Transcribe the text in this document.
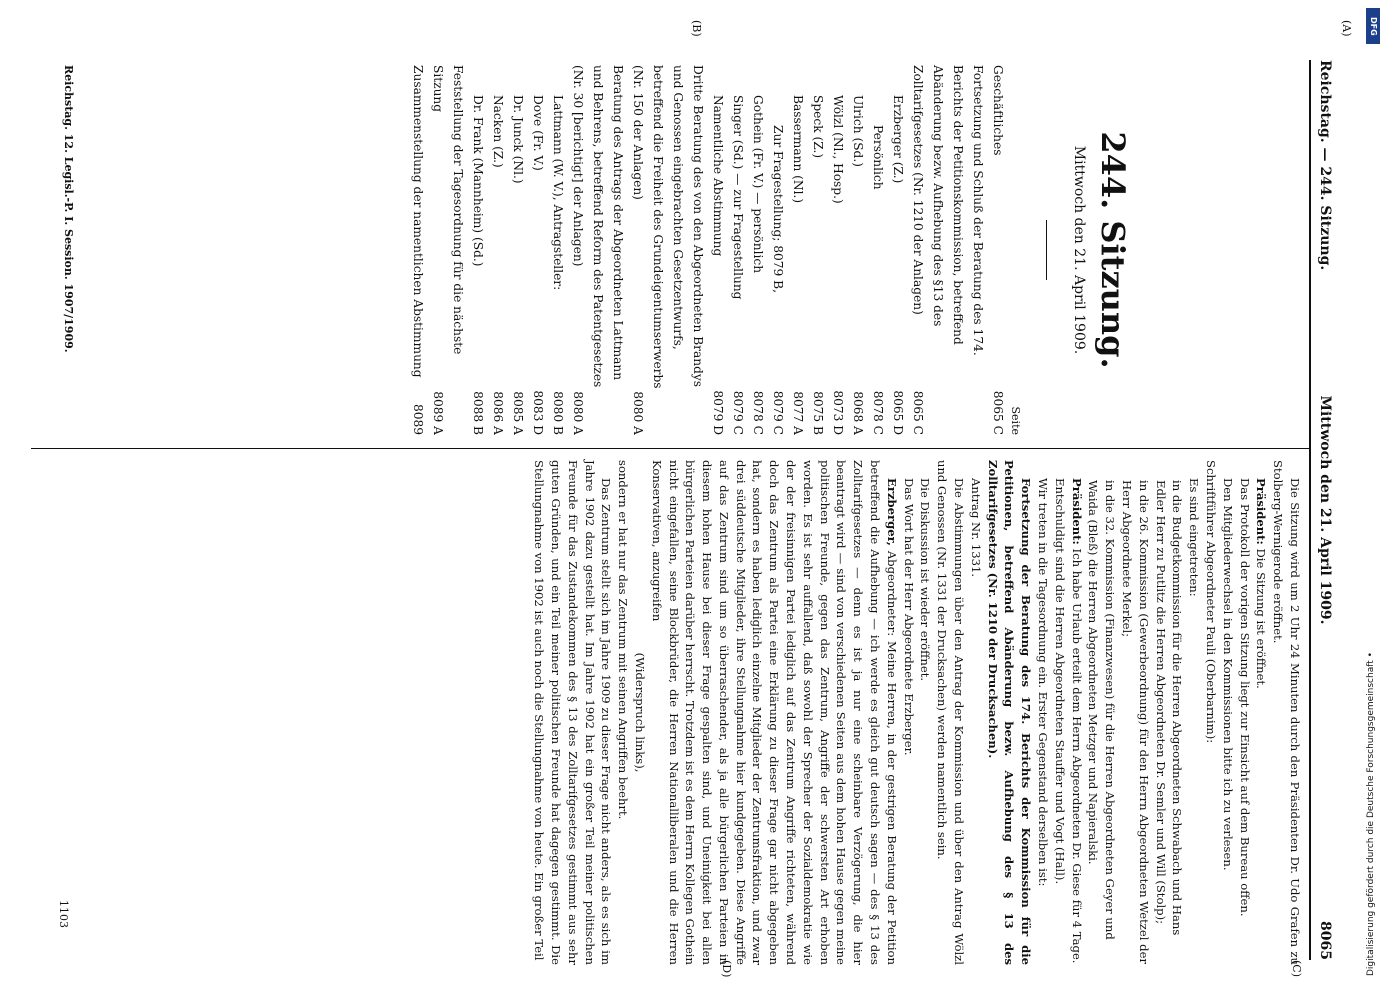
Reichstag. — 244. Sitzung.
Mittwoch den 21. April 1909.
8065
(A)
(B)
(C)
(D)
244. Sitzung.
Mittwoch den 21. April 1909.
Seite
Geschäftliches
8065 C
Fortsetzung und Schluß der Beratung des 174. Berichts der Petitionskommission, betreffend Abänderung bezw. Aufhebung des §13 des Zolltarifgesetzes (Nr. 1210 der Anlagen)
8065 C
Erzberger (Z.)
8065 D
Persönlich
8078 C
Ulrich (Sd.)
8068 A
Wölzl (Nl., Hosp.)
8073 D
Speck (Z.)
8075 B
Bassermann (Nl.)
8077 A
Zur Fragestellung; 8079 B,
8079 C
Gothein (Fr. V.) — persönlich
8078 C
Singer (Sd.) — zur Fragestellung
8079 C
Namentliche Abstimmung
8079 D
Dritte Beratung des von den Abgeordneten Brandys und Genossen eingebrachten Gesetzentwurfs, betreffend die Freiheit des Grundeigentumserwerbs (Nr. 150 der Anlagen)
8080 A
Beratung des Antrags der Abgeordneten Lattmann und Behrens, betreffend Reform des Patentgesetzes (Nr. 30 [berichtigt] der Anlagen)
8080 A
Lattmann (W. V.), Antragsteller:
8080 B
Dove (Fr. V.)
8083 D
Dr. Junck (Nl.)
8085 A
Nacken (Z.)
8086 A
Dr. Frank (Mannheim) (Sd.)
8088 B
Feststellung der Tagesordnung für die nächste Sitzung
8089 A
Zusammenstellung der namentlichen Abstimmung
8089

Die Sitzung wird um 2 Uhr 24 Minuten durch den Präsidenten Dr. Udo Grafen zu Stolberg-Wernigerode eröffnet.

Präsident: Die Sitzung ist eröffnet.

Das Protokoll der vorigen Sitzung liegt zur Einsicht auf dem Bureau offen.

Den Mitgliederwechsel in den Kommissionen bitte ich zu verlesen.

Schriftführer Abgeordneter Pauli (Oberbarnim):

Es sind eingetreten:

in die Budgetkommission für die Herren Abgeordneten Schwabach und Hans Edler Herr zu Putlitz die Herren Abgeordneten Dr. Semler und Will (Stolp);

in die 26. Kommission (Gewerbeordnung) für den Herrn Abgeordneten Wetzel der Herr Abgeordnete Merkel;

in die 32. Kommission (Finanzwesen) für die Herren Abgeordneten Geyer und Waida (Bleß) die Herren Abgeordneten Metzger und Napieralski.

Präsident: Ich habe Urlaub erteilt dem Herrn Abgeordneten Dr. Giese für 4 Tage.

Entschuldigt sind die Herren Abgeordneten Stauffer und Vogt (Hall).

Wir treten in die Tagesordnung ein. Erster Gegenstand derselben ist:

Fortsetzung der Beratung des 174. Berichts der Kommission für die Petitionen, betreffend Abänderung bezw. Aufhebung des § 13 des Zolltarifgesetzes (Nr. 1210 der Drucksachen).

Antrag Nr. 1331.

Die Abstimmungen über den Antrag der Kommission und über den Antrag Wölzl und Genossen (Nr. 1331 der Drucksachen) werden namentlich sein.

Die Diskussion ist wieder eröffnet.

Das Wort hat der Herr Abgeordnete Erzberger.

Erzberger, Abgeordneter: Meine Herren, in der gestrigen Beratung der Petition betreffend die Aufhebung — ich werde es gleich gut deutsch sagen — des § 13 des Zolltarifgesetzes — denn es ist ja nur eine scheinbare Verzögerung, die hier beantragt wird — sind von verschiedenen Seiten aus dem hohen Hause gegen meine politischen Freunde, gegen das Zentrum, Angriffe der schwersten Art erhoben worden. Es ist sehr auffallend, daß sowohl der Sprecher der Sozialdemokratie wie der der freisinnigen Partei lediglich auf das Zentrum Angriffe richteten, während doch das Zentrum als Partei eine Erklärung zu dieser Frage gar nicht abgegeben hat, sondern es haben lediglich einzelne Mitglieder der Zentrumsfraktion, und zwar drei süddeutsche Mitglieder, ihre Stellungnahme hier kundgegeben. Diese Angriffe auf das Zentrum sind um so überraschender, als ja alle bürgerlichen Parteien in diesem hohen Hause bei dieser Frage gespalten sind, und Uneinigkeit bei allen bürgerlichen Parteien darüber herrscht. Trotzdem ist es dem Herrn Kollegen Gothein nicht eingefallen, seine Blockbrüder, die Herren Nationalliberalen und die Herren Konservativen, anzugreifen

(Widerspruch links),

sondern er hat nur das Zentrum mit seinen Angriffen beehrt.

Das Zentrum stellt sich im Jahre 1909 zu dieser Frage nicht anders, als es sich im Jahre 1902 dazu gestellt hat. Im Jahre 1902 hat ein großer Teil meiner politischen Freunde für das Zustandekommen des § 13 des Zolltarifgesetzes gestimmt aus sehr guten Gründen, und ein Teil meiner politischen Freunde hat dagegen gestimmt. Die Stellungnahme von 1902 ist auch noch die Stellungnahme von heute. Ein großer Teil

Reichstag. 12. Legisl.-P. I. Session. 1907/1909.
1103
DFG
Digitalisierung gefördert durch die Deutsche Forschungsgemeinschaft •
